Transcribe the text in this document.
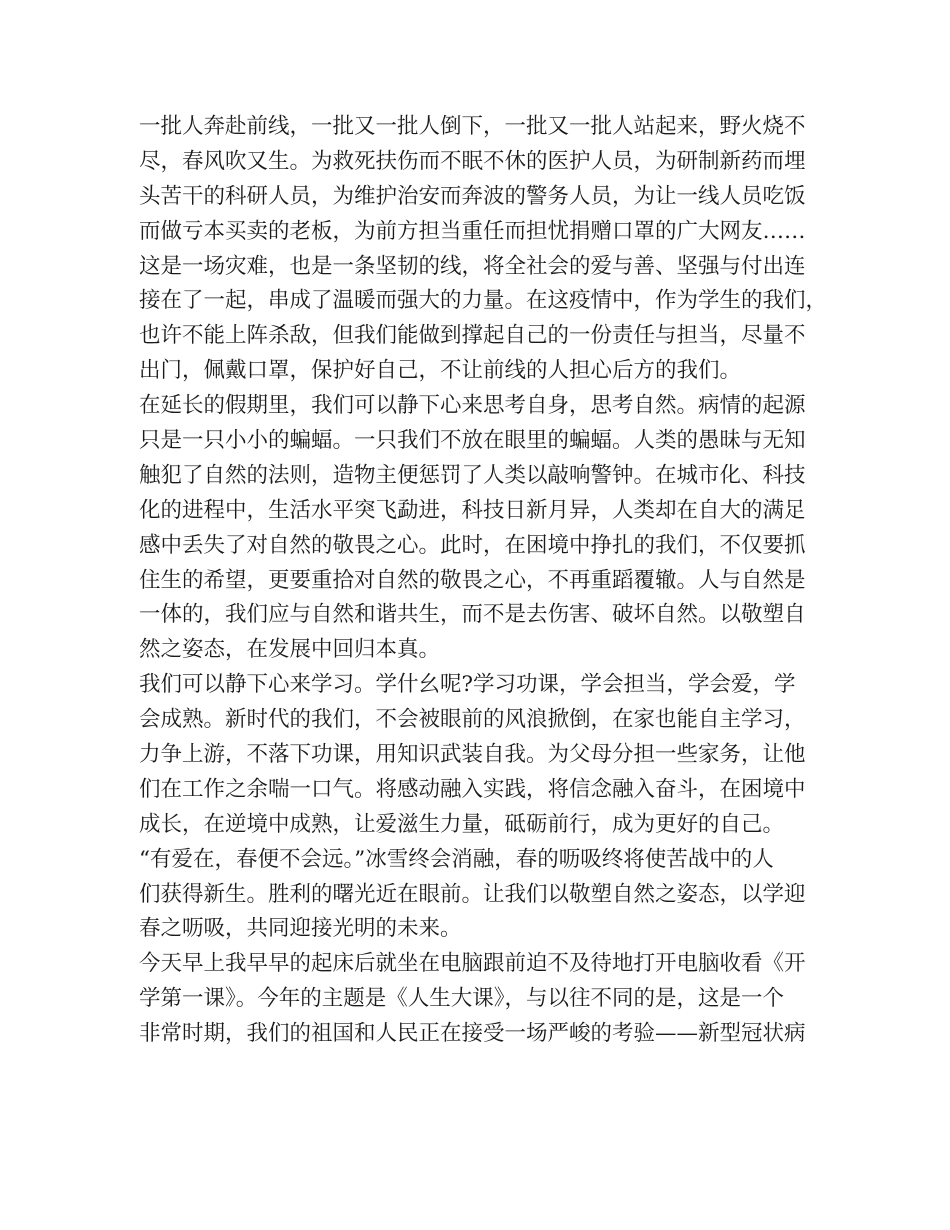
一批人奔赴前线，一批又一批人倒下，一批又一批人站起来，野火烧不
尽，春风吹又生。为救死扶伤而不眠不休的医护人员，为研制新药而埋
头苦干的科研人员，为维护治安而奔波的警务人员，为让一线人员吃饭
而做亏本买卖的老板，为前方担当重任而担忧捐赠口罩的广大网友……
这是一场灾难，也是一条坚韧的线，将全社会的爱与善、坚强与付出连
接在了一起，串成了温暖而强大的力量。在这疫情中，作为学生的我们，
也许不能上阵杀敌，但我们能做到撑起自己的一份责任与担当，尽量不
出门，佩戴口罩，保护好自己，不让前线的人担心后方的我们。
在延长的假期里，我们可以静下心来思考自身，思考自然。病情的起源
只是一只小小的蝙蝠。一只我们不放在眼里的蝙蝠。人类的愚昧与无知
触犯了自然的法则，造物主便惩罚了人类以敲响警钟。在城市化、科技
化的进程中，生活水平突飞勐进，科技日新月异，人类却在自大的满足
感中丢失了对自然的敬畏之心。此时，在困境中挣扎的我们，不仅要抓
住生的希望，更要重拾对自然的敬畏之心，不再重蹈覆辙。人与自然是
一体的，我们应与自然和谐共生，而不是去伤害、破坏自然。以敬塑自
然之姿态，在发展中回归本真。
我们可以静下心来学习。学什幺呢?学习功课，学会担当，学会爱，学
会成熟。新时代的我们，不会被眼前的风浪掀倒，在家也能自主学习，
力争上游，不落下功课，用知识武装自我。为父母分担一些家务，让他
们在工作之余喘一口气。将感动融入实践，将信念融入奋斗，在困境中
成长，在逆境中成熟，让爱滋生力量，砥砺前行，成为更好的自己。
“有爱在，春便不会远。”冰雪终会消融，春的呖吸终将使苦战中的人
们获得新生。胜利的曙光近在眼前。让我们以敬塑自然之姿态，以学迎
春之呖吸，共同迎接光明的未来。
今天早上我早早的起床后就坐在电脑跟前迫不及待地打开电脑收看《开
学第一课》。今年的主题是《人生大课》，与以往不同的是，这是一个
非常时期，我们的祖国和人民正在接受一场严峻的考验——新型冠状病
